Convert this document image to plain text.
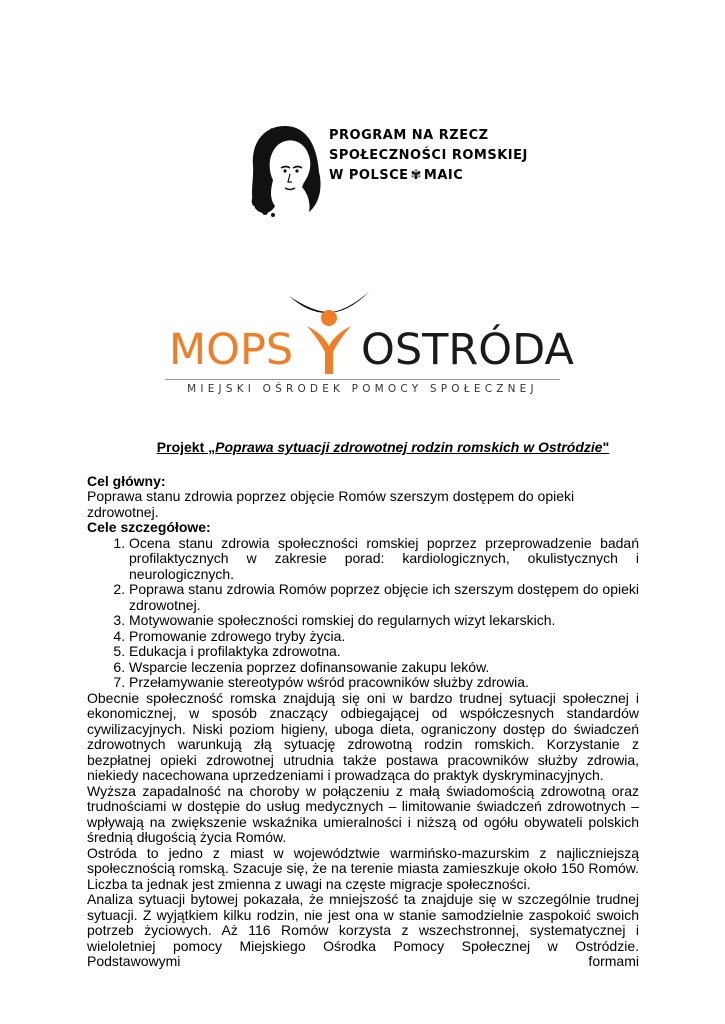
PROGRAM NA RZECZ
SPOŁECZNOŚCI ROMSKIEJ
W POLSCE ✾ MAIC
MOPS OSTRÓDA
MIEJSKI OŚRODEK POMOCY SPOŁECZNEJ
Projekt „Poprawa sytuacji zdrowotnej rodzin romskich w Ostródzie"
Cel główny:
Poprawa stanu zdrowia poprzez objęcie Romów szerszym dostępem do opieki zdrowotnej.
Cele szczegółowe:
1. Ocena stanu zdrowia społeczności romskiej poprzez przeprowadzenie badań profilaktycznych w zakresie porad: kardiologicznych, okulistycznych i neurologicznych.
2. Poprawa stanu zdrowia Romów poprzez objęcie ich szerszym dostępem do opieki zdrowotnej.
3. Motywowanie społeczności romskiej do regularnych wizyt lekarskich.
4. Promowanie zdrowego tryby życia.
5. Edukacja i profilaktyka zdrowotna.
6. Wsparcie leczenia poprzez dofinansowanie zakupu leków.
7. Przełamywanie stereotypów wśród pracowników służby zdrowia.
Obecnie społeczność romska znajdują się oni w bardzo trudnej sytuacji społecznej i ekonomicznej, w sposób znaczący odbiegającej od współczesnych standardów cywilizacyjnych. Niski poziom higieny, uboga dieta, ograniczony dostęp do świadczeń zdrowotnych warunkują złą sytuację zdrowotną rodzin romskich. Korzystanie z bezpłatnej opieki zdrowotnej utrudnia także postawa pracowników służby zdrowia, niekiedy nacechowana uprzedzeniami i prowadząca do praktyk dyskryminacyjnych.
Wyższa zapadalność na choroby w połączeniu z małą świadomością zdrowotną oraz trudnościami w dostępie do usług medycznych – limitowanie świadczeń zdrowotnych – wpływają na zwiększenie wskaźnika umieralności i niższą od ogółu obywateli polskich średnią długością życia Romów.
Ostróda to jedno z miast w województwie warmińsko-mazurskim z najliczniejszą społecznością romską. Szacuje się, że na terenie miasta zamieszkuje około 150 Romów. Liczba ta jednak jest zmienna z uwagi na częste migracje społeczności.
Analiza sytuacji bytowej pokazała, że mniejszość ta znajduje się w szczególnie trudnej sytuacji. Z wyjątkiem kilku rodzin, nie jest ona w stanie samodzielnie zaspokoić swoich potrzeb życiowych. Aż 116 Romów korzysta z wszechstronnej, systematycznej i wieloletniej pomocy Miejskiego Ośrodka Pomocy Społecznej w Ostródzie. Podstawowymi formami
